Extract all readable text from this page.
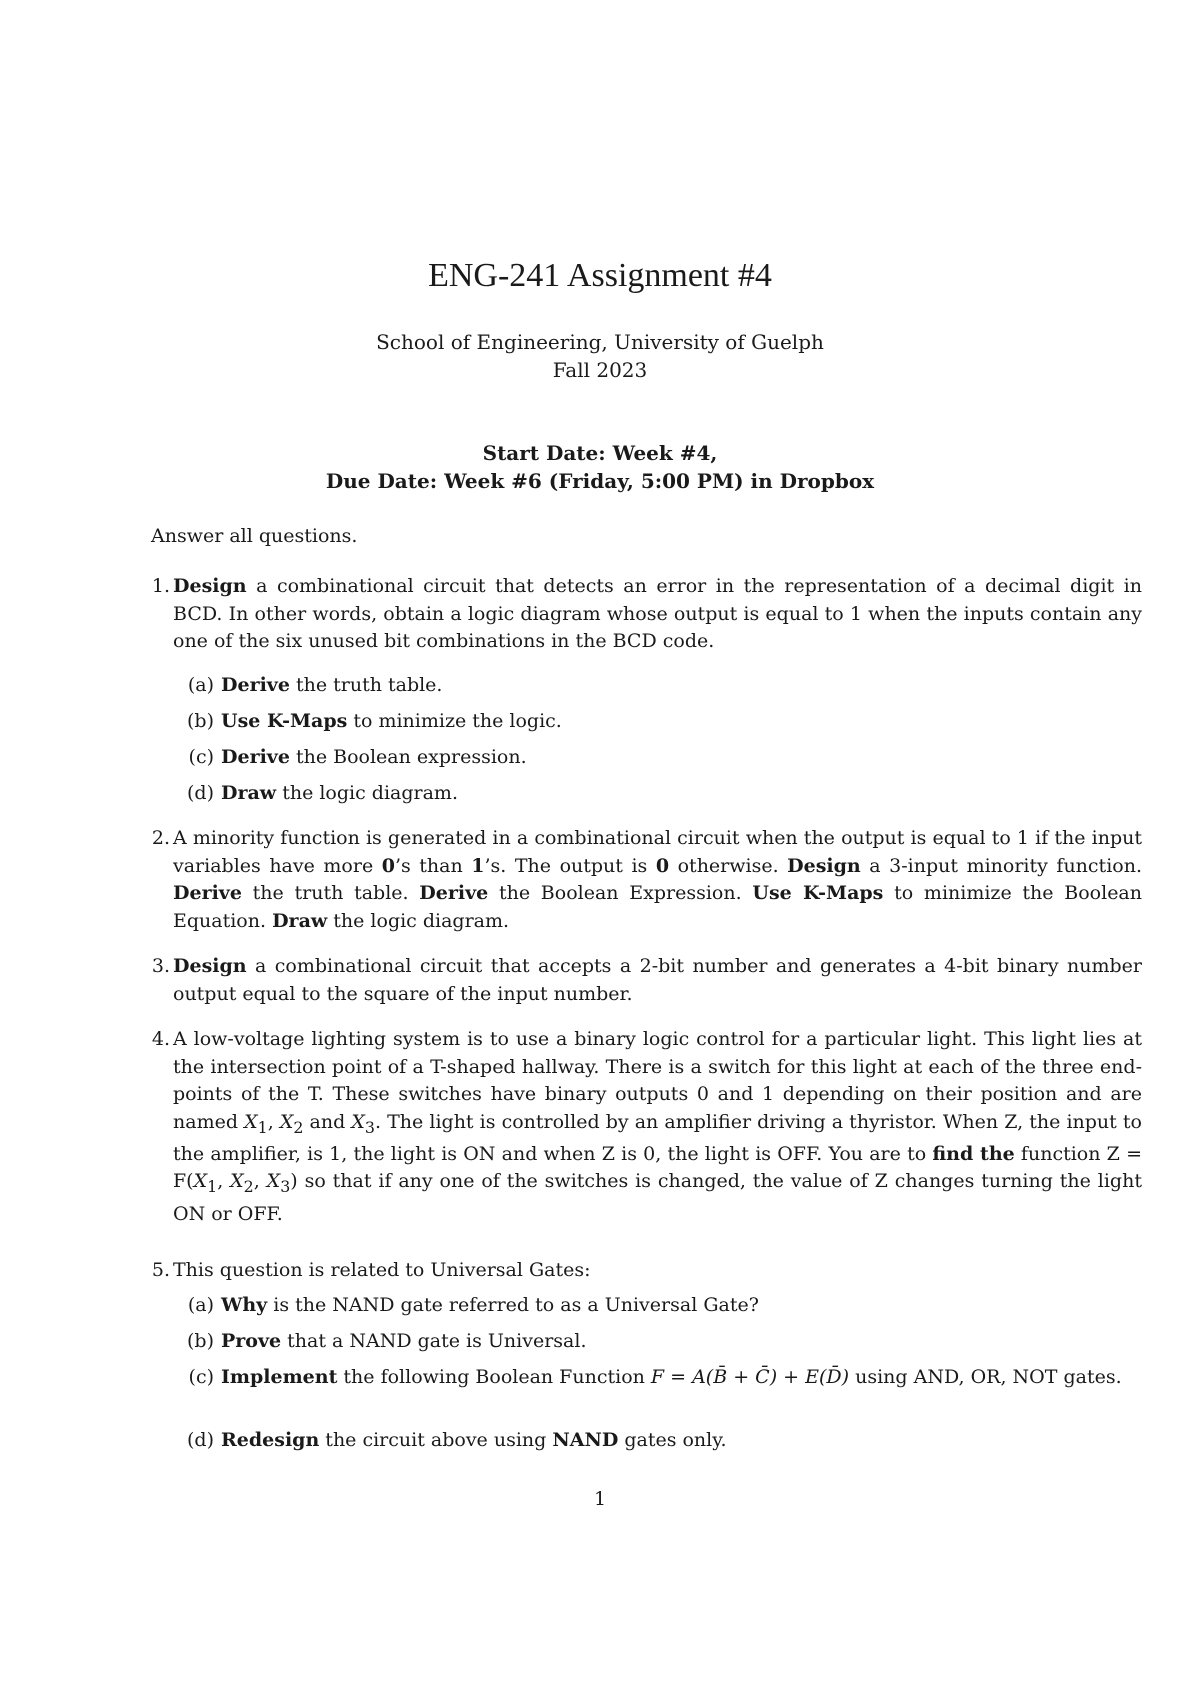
ENG-241 Assignment #4
School of Engineering, University of Guelph
Fall 2023
Start Date: Week #4,
Due Date: Week #6 (Friday, 5:00 PM) in Dropbox
Answer all questions.
1. Design a combinational circuit that detects an error in the representation of a decimal digit in BCD. In other words, obtain a logic diagram whose output is equal to 1 when the inputs contain any one of the six unused bit combinations in the BCD code.
(a) Derive the truth table.
(b) Use K-Maps to minimize the logic.
(c) Derive the Boolean expression.
(d) Draw the logic diagram.
2. A minority function is generated in a combinational circuit when the output is equal to 1 if the input variables have more 0’s than 1’s. The output is 0 otherwise. Design a 3-input minority function. Derive the truth table. Derive the Boolean Expression. Use K-Maps to minimize the Boolean Equation. Draw the logic diagram.
3. Design a combinational circuit that accepts a 2-bit number and generates a 4-bit binary number output equal to the square of the input number.
4. A low-voltage lighting system is to use a binary logic control for a particular light. This light lies at the intersection point of a T-shaped hallway. There is a switch for this light at each of the three end-points of the T. These switches have binary outputs 0 and 1 depending on their position and are named $X_1$, $X_2$ and $X_3$. The light is controlled by an amplifier driving a thyristor. When Z, the input to the amplifier, is 1, the light is ON and when Z is 0, the light is OFF. You are to find the function $Z = F(X_1$, $X_2$, $X_3$) so that if any one of the switches is changed, the value of Z changes turning the light ON or OFF.
5. This question is related to Universal Gates:
(a) Why is the NAND gate referred to as a Universal Gate?
(b) Prove that a NAND gate is Universal.
(c) Implement the following Boolean Function F = A(B̄ + C̄) + E(D̄) using AND, OR, NOT gates.
(d) Redesign the circuit above using NAND gates only.
1
